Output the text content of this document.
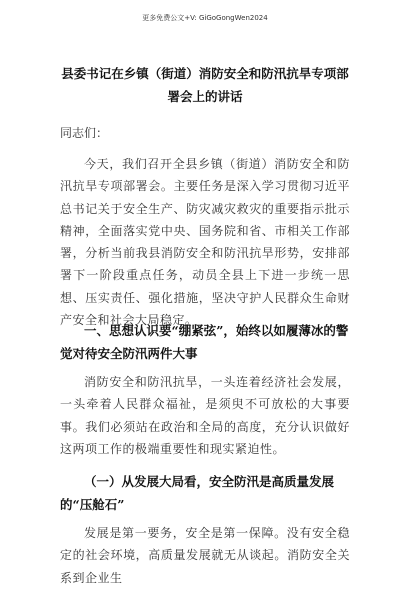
更多免费公文+V: GiGoGongWen2024
县委书记在乡镇（街道）消防安全和防汛抗旱专项部署会上的讲话
同志们：

今天，我们召开全县乡镇（街道）消防安全和防汛抗旱专项部署会。主要任务是深入学习贯彻习近平总书记关于安全生产、防灾减灾救灾的重要指示批示精神，全面落实党中央、国务院和省、市相关工作部署，分析当前我县消防安全和防汛抗旱形势，安排部署下一阶段重点任务，动员全县上下进一步统一思想、压实责任、强化措施，坚决守护人民群众生命财产安全和社会大局稳定。

一、思想认识要“绷紧弦”，始终以如履薄冰的警觉对待安全防汛两件大事

消防安全和防汛抗旱，一头连着经济社会发展，一头牵着人民群众福祉，是须臾不可放松的大事要事。我们必须站在政治和全局的高度，充分认识做好这两项工作的极端重要性和现实紧迫性。

（一）从发展大局看，安全防汛是高质量发展的“压舱石”

发展是第一要务，安全是第一保障。没有安全稳定的社会环境，高质量发展就无从谈起。消防安全关系到企业生
